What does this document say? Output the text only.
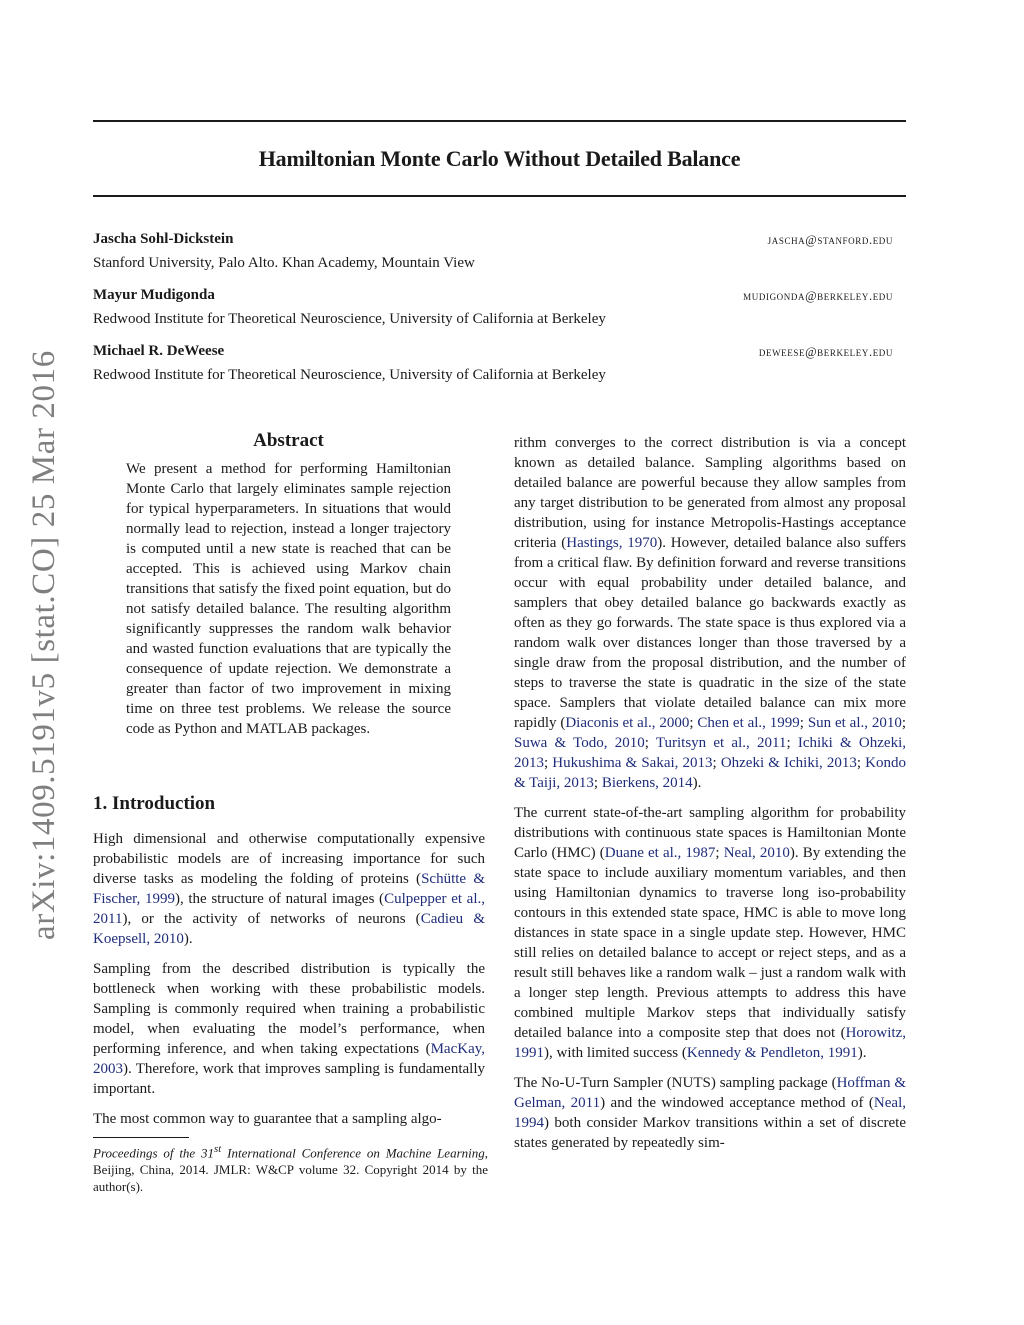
arXiv:1409.5191v5 [stat.CO] 25 Mar 2016
Hamiltonian Monte Carlo Without Detailed Balance
Jascha Sohl-Dickstein	jascha@stanford.edu
Stanford University, Palo Alto. Khan Academy, Mountain View
Mayur Mudigonda	mudigonda@berkeley.edu
Redwood Institute for Theoretical Neuroscience, University of California at Berkeley
Michael R. DeWeese	deweese@berkeley.edu
Redwood Institute for Theoretical Neuroscience, University of California at Berkeley
Abstract
We present a method for performing Hamiltonian Monte Carlo that largely eliminates sample rejection for typical hyperparameters. In situations that would normally lead to rejection, instead a longer trajectory is computed until a new state is reached that can be accepted. This is achieved using Markov chain transitions that satisfy the fixed point equation, but do not satisfy detailed balance. The resulting algorithm significantly suppresses the random walk behavior and wasted function evaluations that are typically the consequence of update rejection. We demonstrate a greater than factor of two improvement in mixing time on three test problems. We release the source code as Python and MATLAB packages.
1. Introduction

High dimensional and otherwise computationally expensive probabilistic models are of increasing importance for such diverse tasks as modeling the folding of proteins (Schütte & Fischer, 1999), the structure of natural images (Culpepper et al., 2011), or the activity of networks of neurons (Cadieu & Koepsell, 2010).

Sampling from the described distribution is typically the bottleneck when working with these probabilistic models. Sampling is commonly required when training a probabilistic model, when evaluating the model’s performance, when performing inference, and when taking expectations (MacKay, 2003). Therefore, work that improves sampling is fundamentally important.

The most common way to guarantee that a sampling algo-

Proceedings of the 31st International Conference on Machine Learning, Beijing, China, 2014. JMLR: W&CP volume 32. Copyright 2014 by the author(s).

rithm converges to the correct distribution is via a concept known as detailed balance. Sampling algorithms based on detailed balance are powerful because they allow samples from any target distribution to be generated from almost any proposal distribution, using for instance Metropolis-Hastings acceptance criteria (Hastings, 1970). However, detailed balance also suffers from a critical flaw. By definition forward and reverse transitions occur with equal probability under detailed balance, and samplers that obey detailed balance go backwards exactly as often as they go forwards. The state space is thus explored via a random walk over distances longer than those traversed by a single draw from the proposal distribution, and the number of steps to traverse the state is quadratic in the size of the state space. Samplers that violate detailed balance can mix more rapidly (Diaconis et al., 2000; Chen et al., 1999; Sun et al., 2010; Suwa & Todo, 2010; Turitsyn et al., 2011; Ichiki & Ohzeki, 2013; Hukushima & Sakai, 2013; Ohzeki & Ichiki, 2013; Kondo & Taiji, 2013; Bierkens, 2014).

The current state-of-the-art sampling algorithm for probability distributions with continuous state spaces is Hamiltonian Monte Carlo (HMC) (Duane et al., 1987; Neal, 2010). By extending the state space to include auxiliary momentum variables, and then using Hamiltonian dynamics to traverse long iso-probability contours in this extended state space, HMC is able to move long distances in state space in a single update step. However, HMC still relies on detailed balance to accept or reject steps, and as a result still behaves like a random walk – just a random walk with a longer step length. Previous attempts to address this have combined multiple Markov steps that individually satisfy detailed balance into a composite step that does not (Horowitz, 1991), with limited success (Kennedy & Pendleton, 1991).

The No-U-Turn Sampler (NUTS) sampling package (Hoffman & Gelman, 2011) and the windowed acceptance method of (Neal, 1994) both consider Markov transitions within a set of discrete states generated by repeatedly sim-
